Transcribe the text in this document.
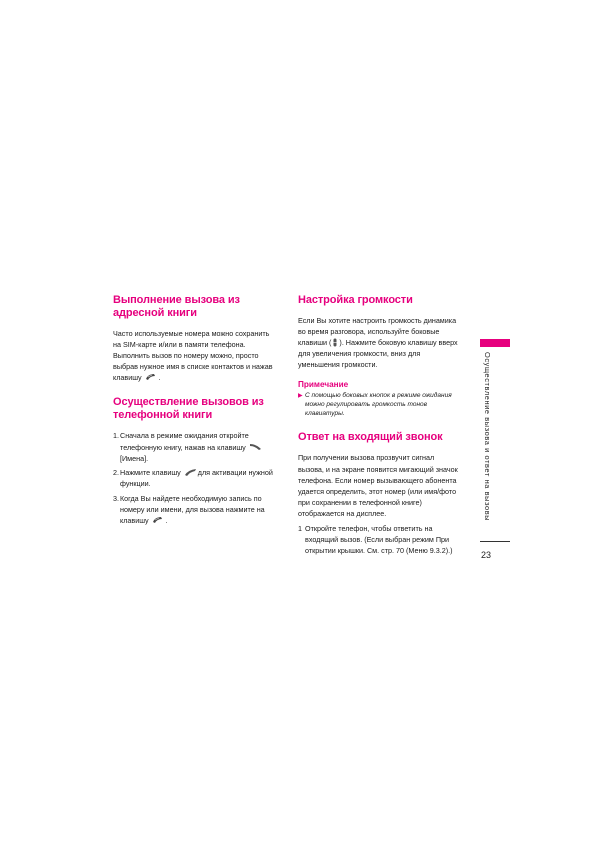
Выполнение вызова из адресной книги

Часто используемые номера можно сохранить на SIM-карте и/или в памяти телефона. Выполнить вызов по номеру можно, просто выбрав нужное имя в списке контактов и нажав клавишу .

Осуществление вызовов из телефонной книги
1. Сначала в режиме ожидания откройте телефонную книгу, нажав на клавишу
[Имена].
2. Нажмите клавишу для активации нужной функции.
3. Когда Вы найдете необходимую запись по номеру или имени, для вызова нажмите на клавишу .
Настройка громкости

Если Вы хотите настроить громкость динамика во время разговора, используйте боковые клавиши ( ). Нажмите боковую клавишу вверх для увеличения громкости, вниз для уменьшения громкости.

Примечание
▶ С помощью боковых кнопок в режиме ожидания можно регулировать громкость тонов клавиатуры.
Ответ на входящий звонок

При получении вызова прозвучит сигнал вызова, и на экране появится мигающий значок телефона. Если номер вызывающего абонента удается определить, этот номер (или имя/фото при сохранении в телефонной книге) отображается на дисплее.

1 Откройте телефон, чтобы ответить на входящий вызов. (Если выбран режим При открытии крышки. См. стр. 70 (Меню 9.3.2).)
Осуществление вызова и ответ на вызовы
23
